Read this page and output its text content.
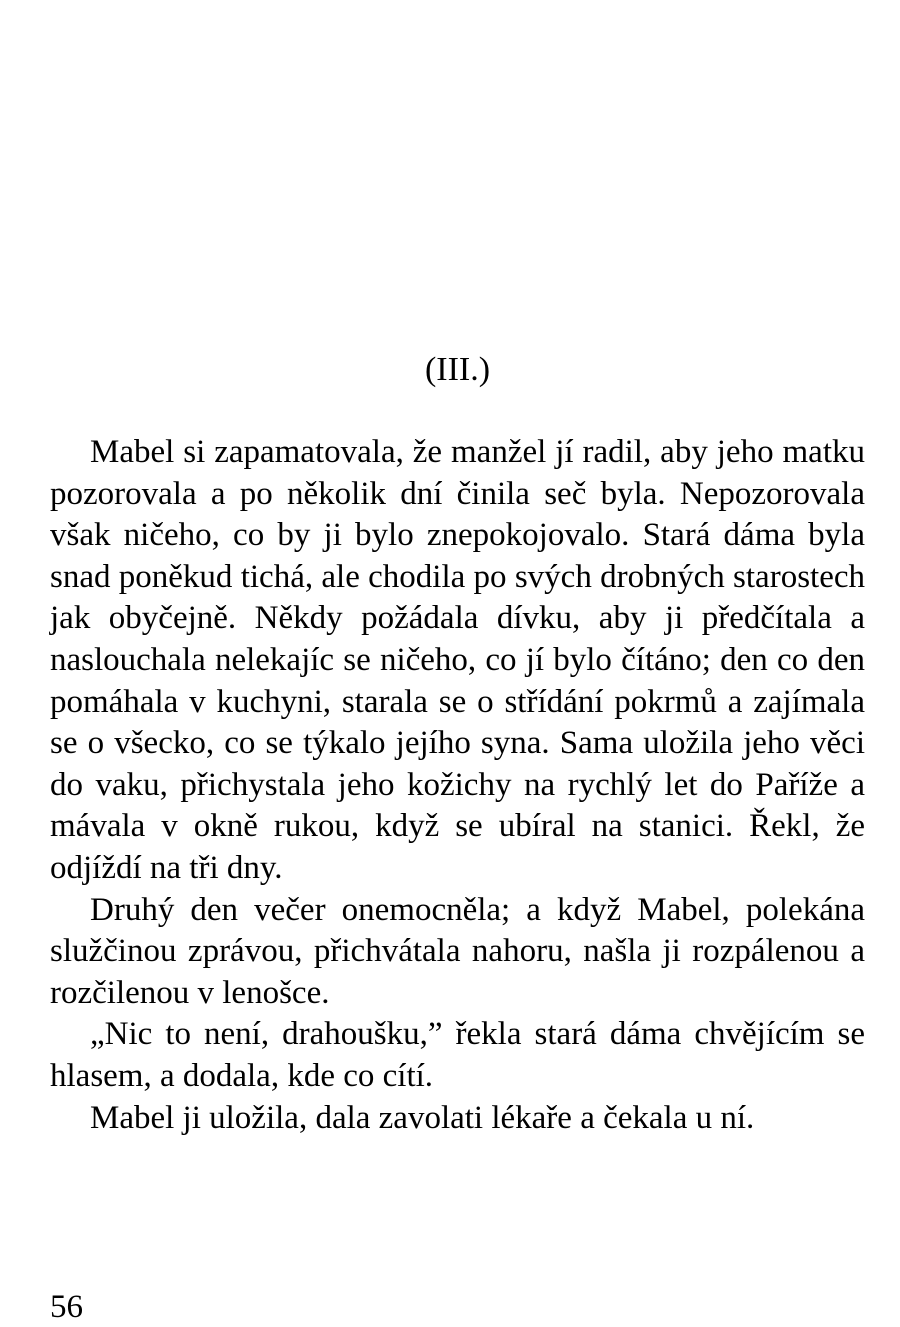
(III.)

Mabel si zapamatovala, že manžel jí radil, aby jeho matku pozorovala a po několik dní činila seč byla. Nepozorovala však ničeho, co by ji bylo znepokojovalo. Stará dáma byla snad poněkud tichá, ale chodila po svých drobných starostech jak obyčejně. Někdy požádala dívku, aby ji předčítala a naslouchala nelekajíc se ničeho, co jí bylo čítáno; den co den pomáhala v kuchyni, starala se o střídání pokrmů a zajímala se o všecko, co se týkalo jejího syna. Sama uložila jeho věci do vaku, přichystala jeho kožichy na rychlý let do Paříže a mávala v okně rukou, když se ubíral na stanici. Řekl, že odjíždí na tři dny.

Druhý den večer onemocněla; a když Mabel, polekána služčinou zprávou, přichvátala nahoru, našla ji rozpálenou a rozčilenou v lenošce.

„Nic to není, drahoušku,” řekla stará dáma chvějícím se hlasem, a dodala, kde co cítí.

Mabel ji uložila, dala zavolati lékaře a čekala u ní.

56
